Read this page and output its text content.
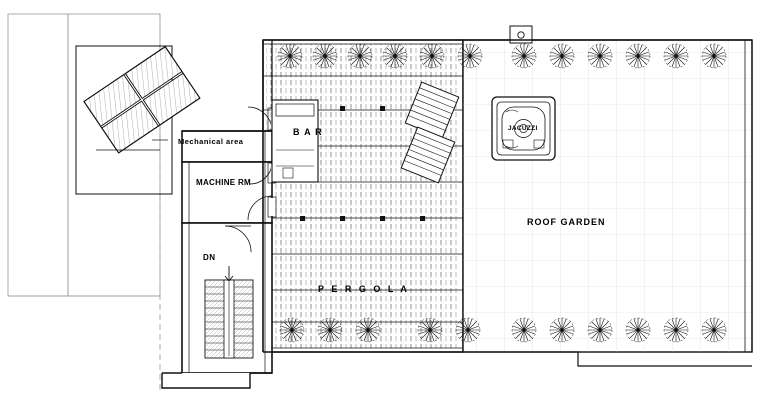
B A R
Mechanical area
MACHINE RM
DN
JACUZZI
ROOF GARDEN
P E R G O L A
